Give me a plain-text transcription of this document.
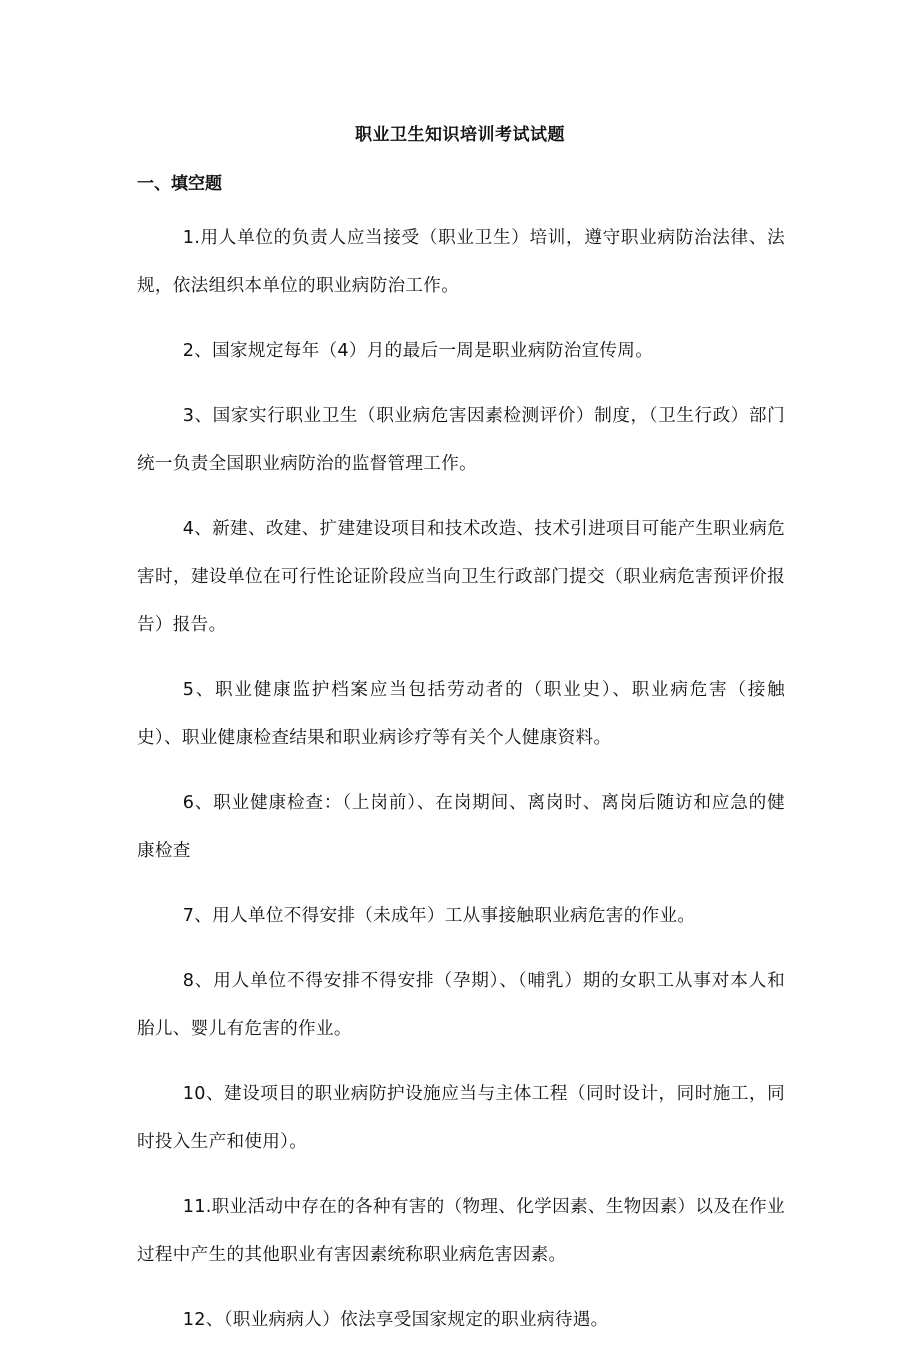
职业卫生知识培训考试试题
一、填空题

1.用人单位的负责人应当接受（职业卫生）培训，遵守职业病防治法律、法规，依法组织本单位的职业病防治工作。

2、国家规定每年（4）月的最后一周是职业病防治宣传周。

3、国家实行职业卫生（职业病危害因素检测评价）制度，（卫生行政）部门统一负责全国职业病防治的监督管理工作。

4、新建、改建、扩建建设项目和技术改造、技术引进项目可能产生职业病危害时，建设单位在可行性论证阶段应当向卫生行政部门提交（职业病危害预评价报告）报告。

5、职业健康监护档案应当包括劳动者的（职业史）、职业病危害（接触史）、职业健康检查结果和职业病诊疗等有关个人健康资料。

6、职业健康检查：（上岗前）、在岗期间、离岗时、离岗后随访和应急的健康检查

7、用人单位不得安排（未成年）工从事接触职业病危害的作业。

8、用人单位不得安排不得安排（孕期）、（哺乳）期的女职工从事对本人和胎儿、婴儿有危害的作业。

10、建设项目的职业病防护设施应当与主体工程（同时设计，同时施工，同时投入生产和使用）。

11.职业活动中存在的各种有害的（物理、化学因素、生物因素）以及在作业过程中产生的其他职业有害因素统称职业病危害因素。

12、（职业病病人）依法享受国家规定的职业病待遇。
